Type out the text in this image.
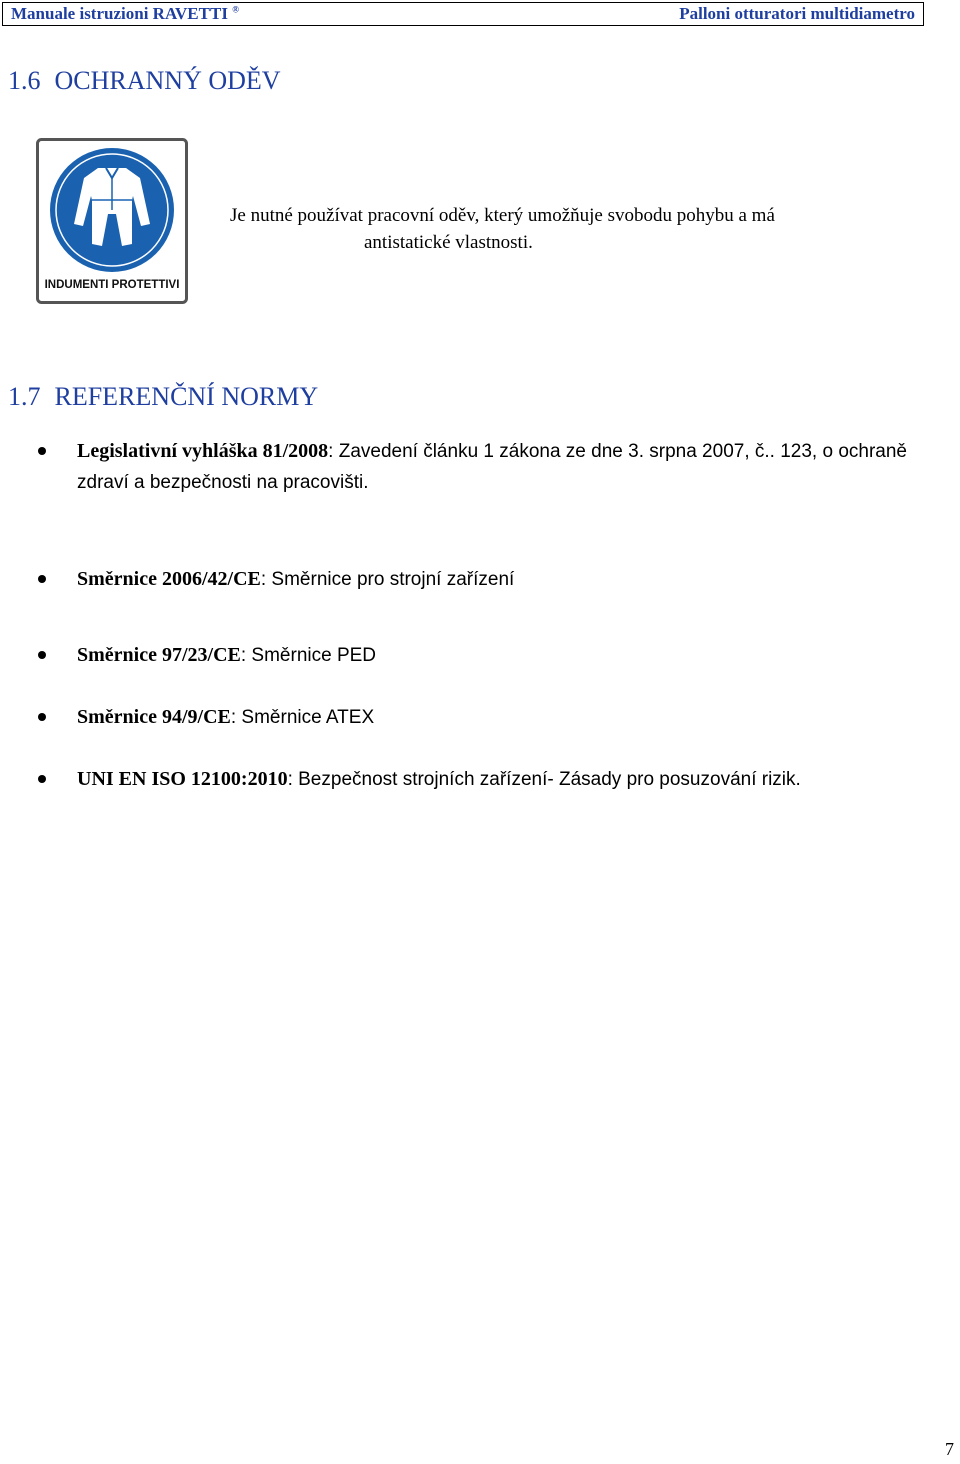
Manuale istruzioni RAVETTI ®	Palloni otturatori multidiametro
1.6 OCHRANNÝ ODĚV
INDUMENTI PROTETTIVI
Je nutné používat pracovní oděv, který umožňuje svobodu pohybu a má
antistatické vlastnosti.
1.7 REFERENČNÍ NORMY
Legislativní vyhláška 81/2008: Zavedení článku 1 zákona ze dne 3. srpna 2007, č.. 123, o ochraně zdraví a bezpečnosti na pracovišti.
Směrnice 2006/42/CE: Směrnice pro strojní zařízení
Směrnice 97/23/CE: Směrnice PED
Směrnice 94/9/CE: Směrnice ATEX
UNI EN ISO 12100:2010: Bezpečnost strojních zařízení- Zásady pro posuzování rizik.
7
